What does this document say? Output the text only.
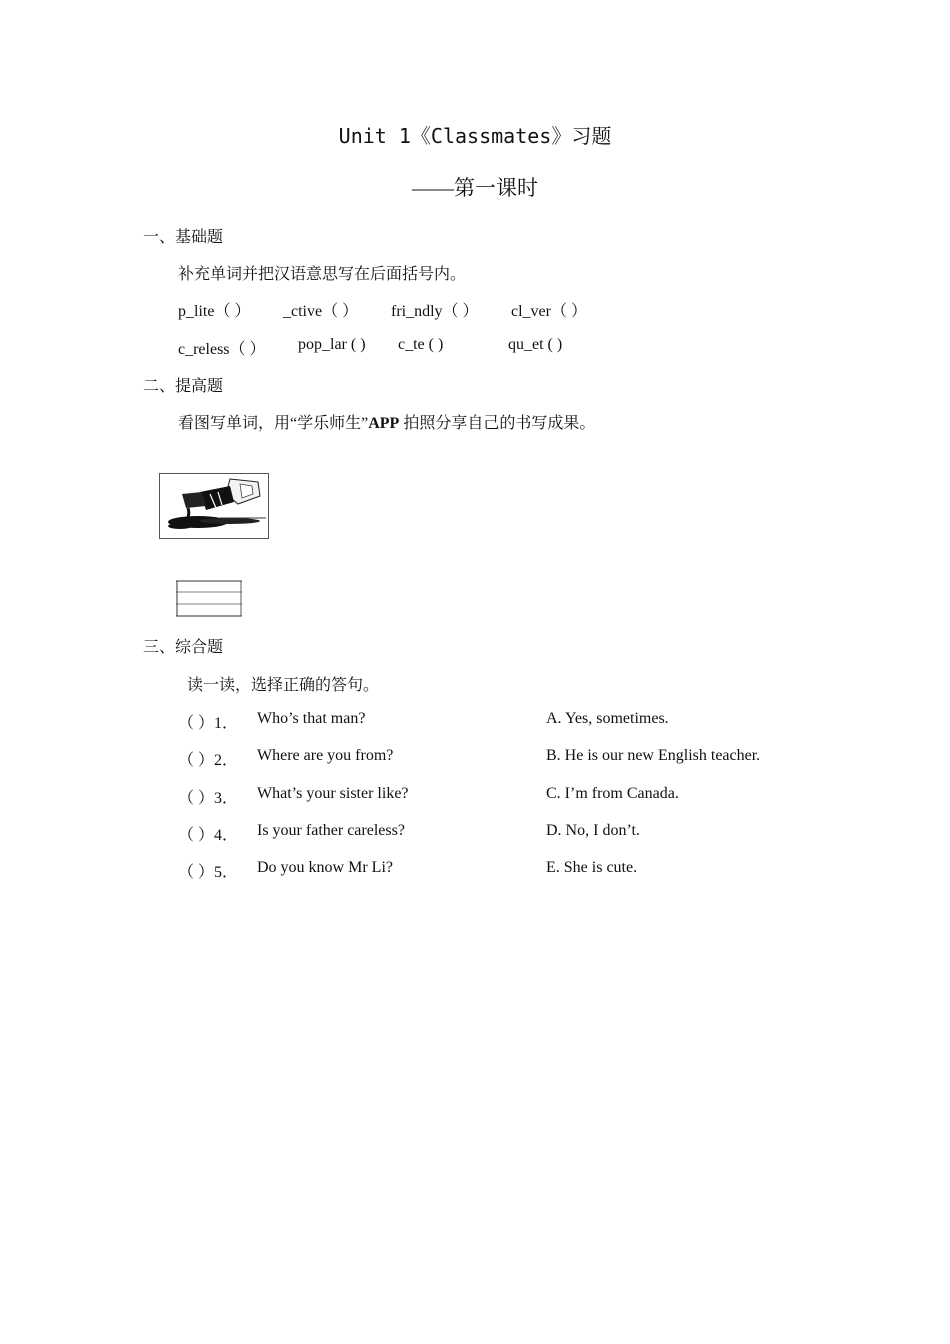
Unit 1《Classmates》习题
——第一课时
一、基础题
补充单词并把汉语意思写在后面括号内。
p_lite（ ） _ctive（ ） fri_ndly（ ） cl_ver（ ）
c_reless（ ） pop_lar ( ) c_te ( )	qu_et ( )
二、提高题
看图写单词，用“学乐师生”APP 拍照分享自己的书写成果。
三、综合题
读一读，选择正确的答句。
（ ）1． Who’s that man?	A. Yes, sometimes.
（ ）2． Where are you from?	B. He is our new English teacher.
（ ）3． What’s your sister like?	C. I’m from Canada.
（ ）4． Is your father careless?	D. No, I don’t.
（ ）5． Do you know Mr Li?	E. She is cute.
